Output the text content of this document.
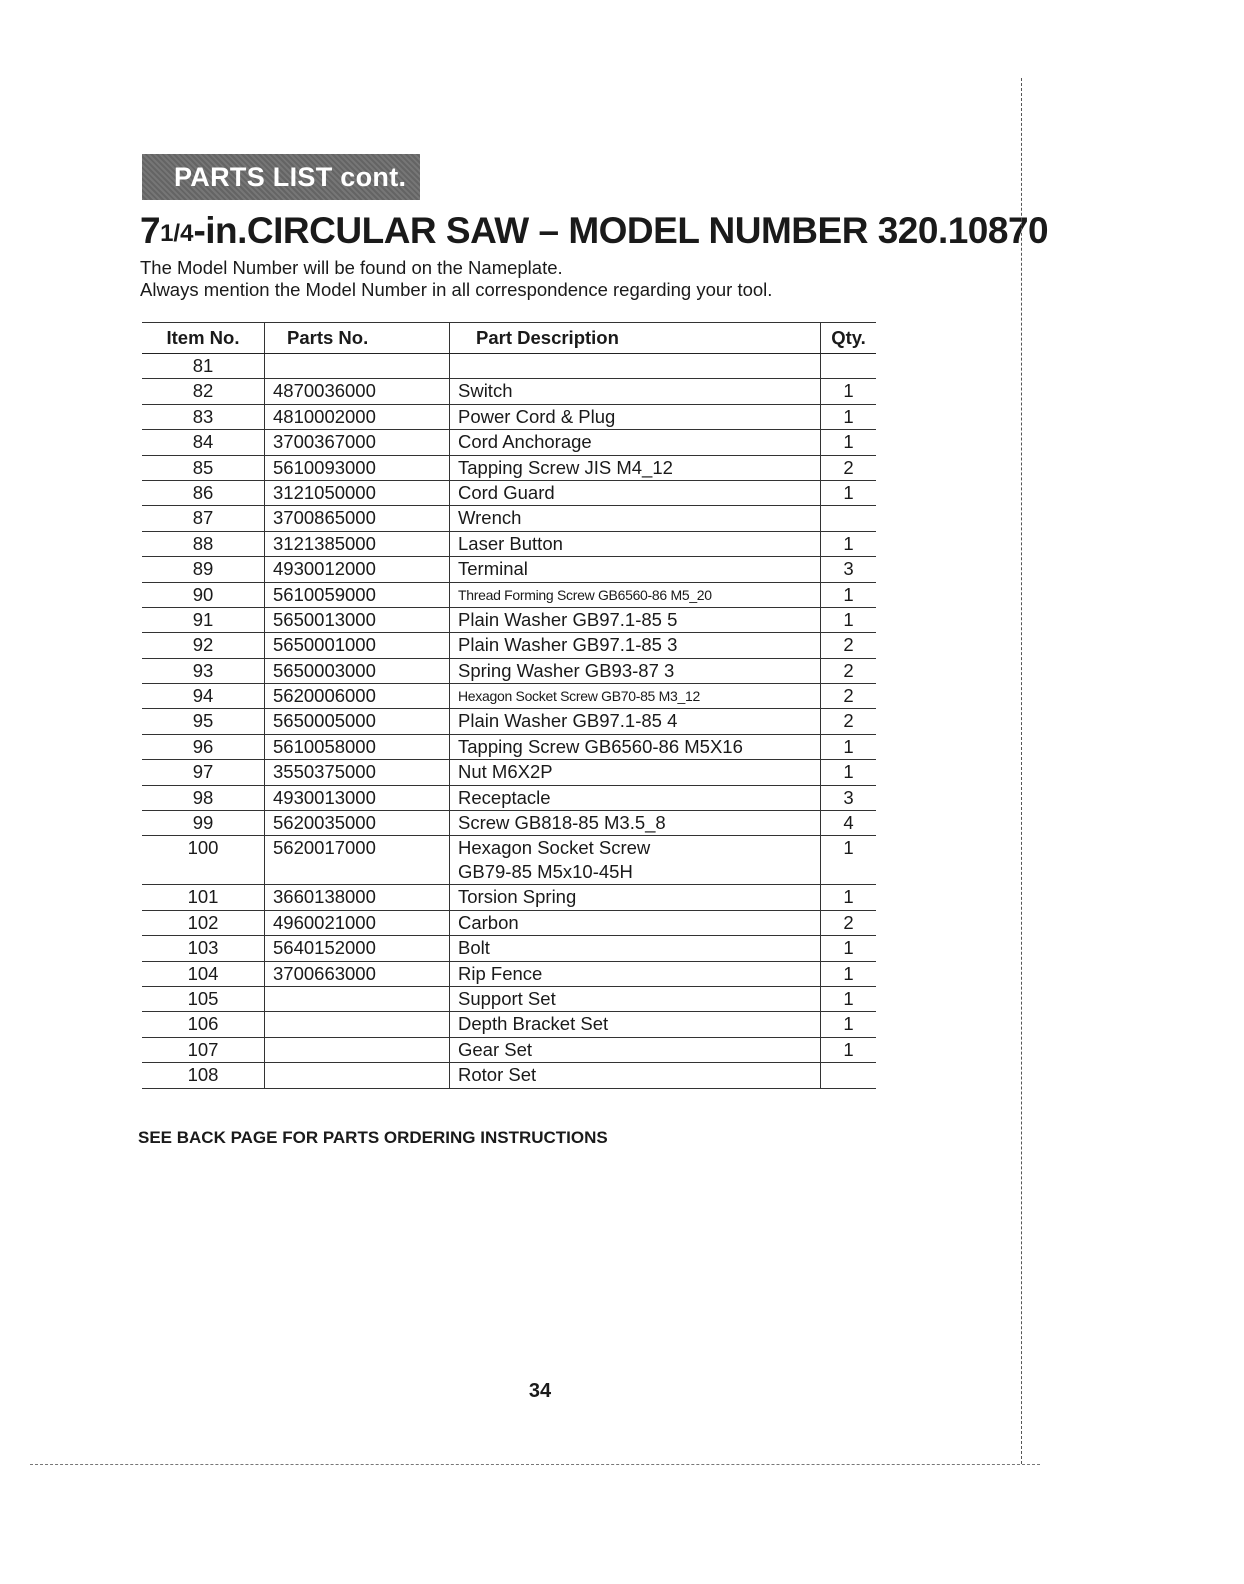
PARTS LIST cont.
71/4-in.CIRCULAR SAW – MODEL NUMBER 320.10870
The Model Number will be found on the Nameplate.
Always mention the Model Number in all correspondence regarding your tool.
Item No.	Parts No.	Part Description	Qty.
81		

82	4870036000	Switch	1
83	4810002000	Power Cord & Plug	1
84	3700367000	Cord Anchorage	1
85	5610093000	Tapping Screw JIS M4_12	2
86	3121050000	Cord Guard	1
87	3700865000	Wrench	

88	3121385000	Laser Button	1
89	4930012000	Terminal	3
90	5610059000	Thread Forming Screw GB6560-86 M5_20	1
91	5650013000	Plain Washer GB97.1-85 5	1
92	5650001000	Plain Washer GB97.1-85 3	2
93	5650003000	Spring Washer GB93-87 3	2
94	5620006000	Hexagon Socket Screw GB70-85 M3_12	2
95	5650005000	Plain Washer GB97.1-85 4	2
96	5610058000	Tapping Screw GB6560-86 M5X16	1
97	3550375000	Nut M6X2P	1
98	4930013000	Receptacle	3
99	5620035000	Screw GB818-85 M3.5_8	4
100	5620017000	Hexagon Socket Screw
GB79-85 M5x10-45H	1
101	3660138000	Torsion Spring	1
102	4960021000	Carbon	2
103	5640152000	Bolt	1
104	3700663000	Rip Fence	1
105		Support Set	1
106		Depth Bracket Set	1
107		Gear Set	1
108		Rotor Set	

SEE BACK PAGE FOR PARTS ORDERING INSTRUCTIONS
34
